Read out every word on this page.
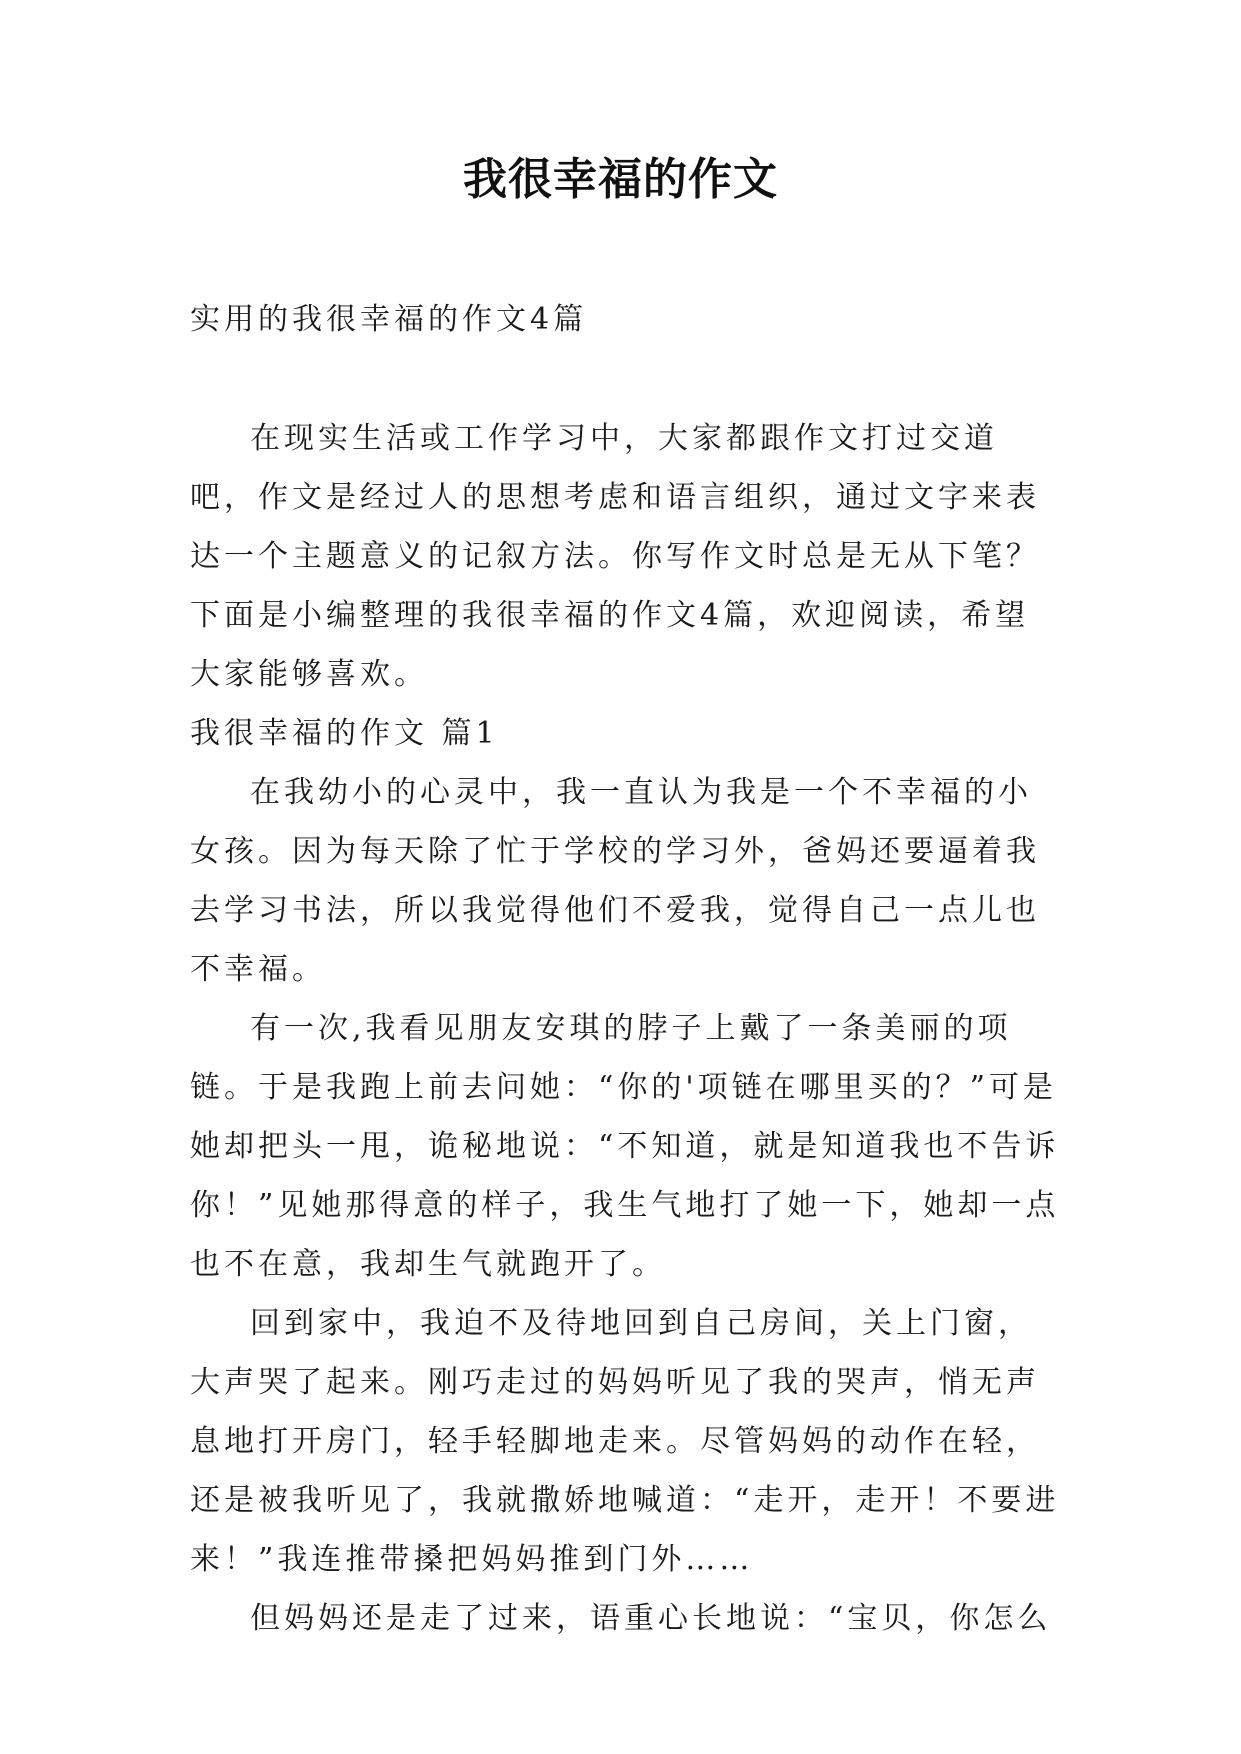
我很幸福的作文

实用的我很幸福的作文4篇

在现实生活或工作学习中，大家都跟作文打过交道吧，作文是经过人的思想考虑和语言组织，通过文字来表达一个主题意义的记叙方法。你写作文时总是无从下笔？下面是小编整理的我很幸福的作文4篇，欢迎阅读，希望大家能够喜欢。

我很幸福的作文 篇1

在我幼小的心灵中，我一直认为我是一个不幸福的小女孩。因为每天除了忙于学校的学习外，爸妈还要逼着我去学习书法，所以我觉得他们不爱我，觉得自己一点儿也不幸福。

有一次,我看见朋友安琪的脖子上戴了一条美丽的项链。于是我跑上前去问她：“你的'项链在哪里买的？”可是她却把头一甩，诡秘地说：“不知道，就是知道我也不告诉你！”见她那得意的样子，我生气地打了她一下，她却一点也不在意，我却生气就跑开了。

回到家中，我迫不及待地回到自己房间，关上门窗，大声哭了起来。刚巧走过的妈妈听见了我的哭声，悄无声息地打开房门，轻手轻脚地走来。尽管妈妈的动作在轻，还是被我听见了，我就撒娇地喊道：“走开，走开！不要进来！”我连推带搡把妈妈推到门外……

但妈妈还是走了过来，语重心长地说：“宝贝，你怎么
